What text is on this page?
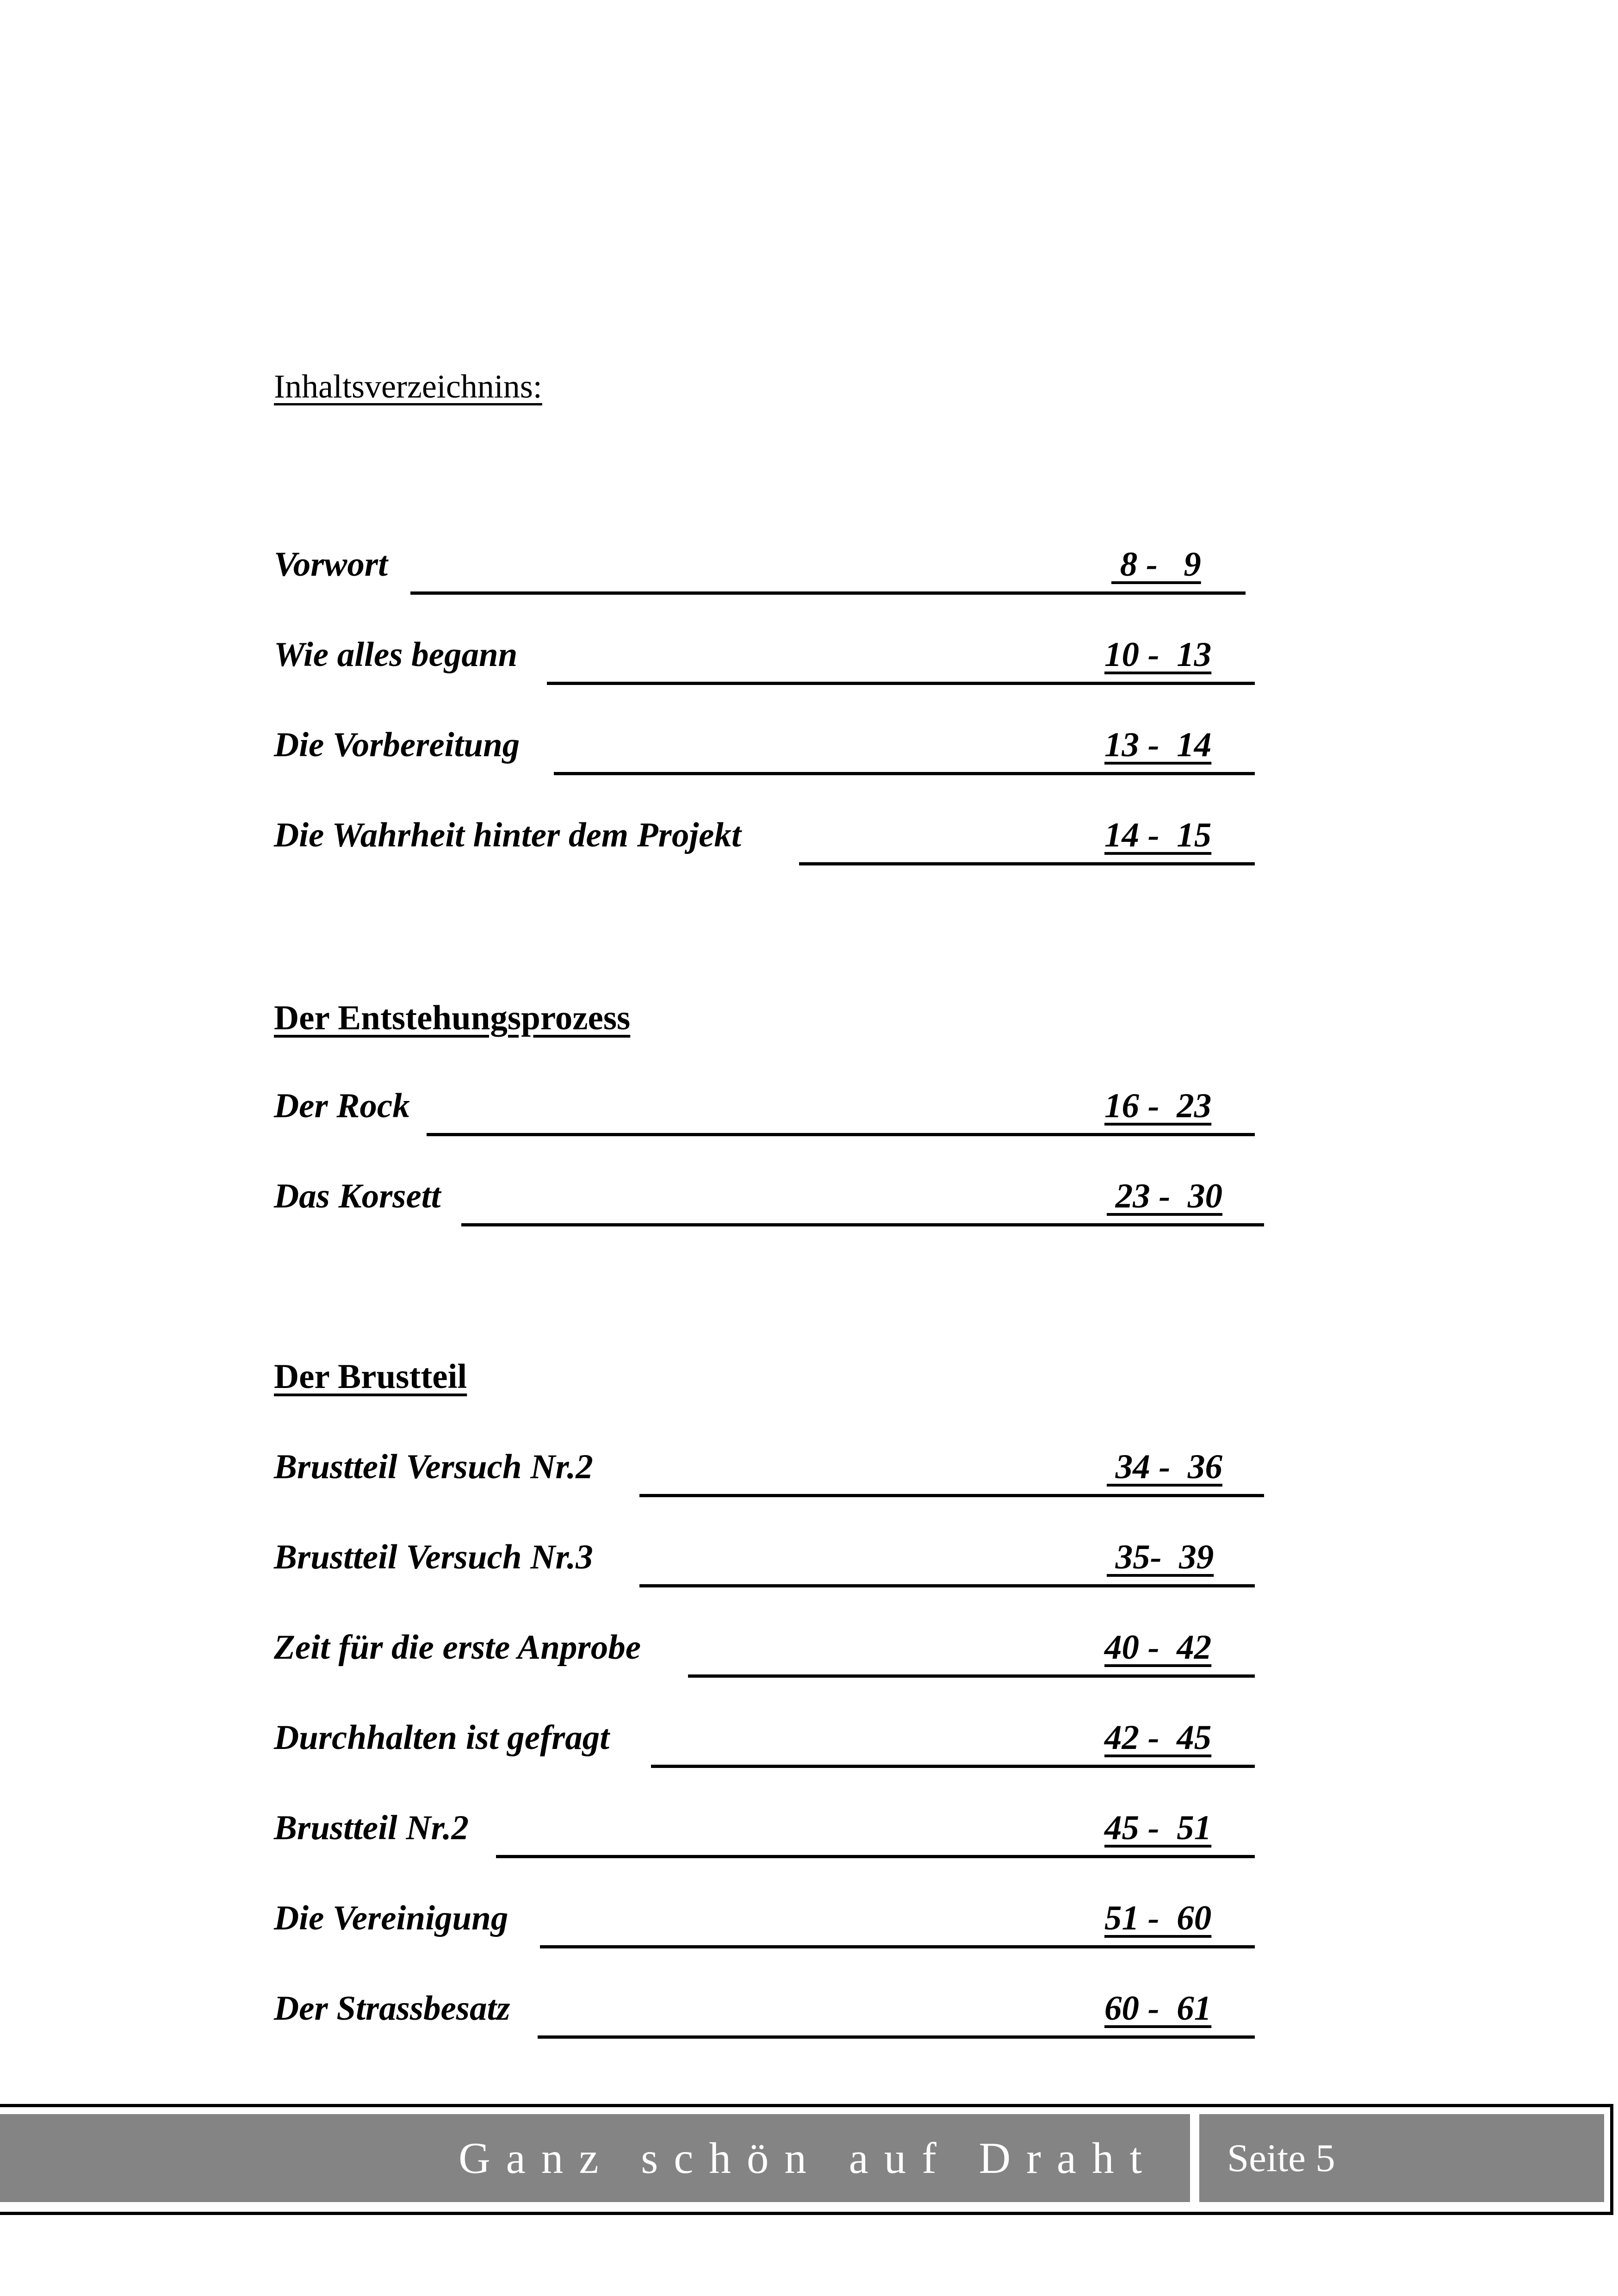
Inhaltsverzeichnins:
Vorwort	8 -   9
Wie alles begann	10 -  13
Die Vorbereitung	13 -  14
Die Wahrheit hinter dem Projekt	14 -  15
Der Entstehungsprozess
Der Rock	16 -  23
Das Korsett	23 -  30
Der Brustteil
Brustteil Versuch Nr.2	34 -  36
Brustteil Versuch Nr.3	35-  39
Zeit für die erste Anprobe	40 -  42
Durchhalten ist gefragt	42 -  45
Brustteil Nr.2	45 -  51
Die Vereinigung	51 -  60
Der Strassbesatz	60 -  61
Ganz schön auf Draht Seite 5
